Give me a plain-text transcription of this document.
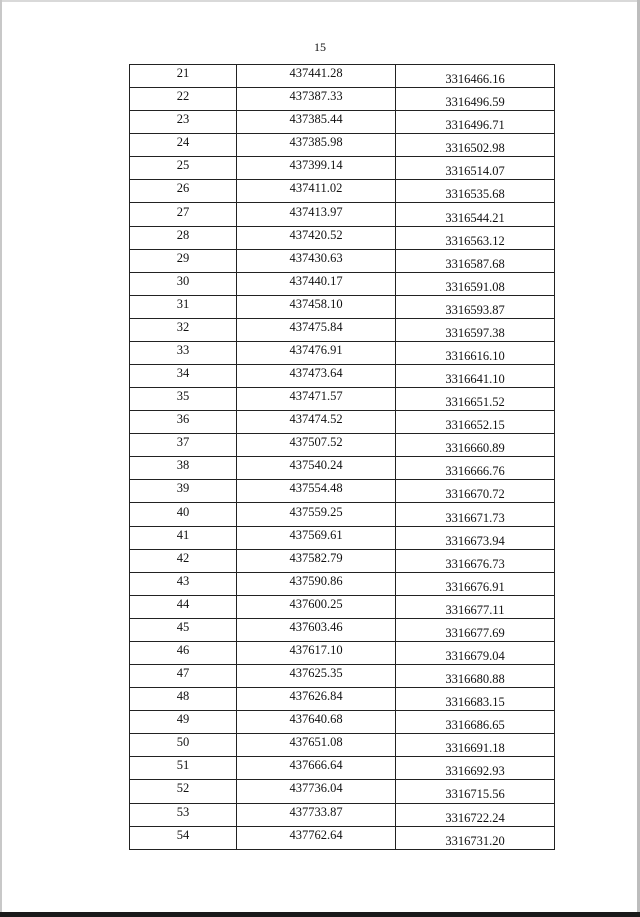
15
21	437441.28	3316466.16
22	437387.33	3316496.59
23	437385.44	3316496.71
24	437385.98	3316502.98
25	437399.14	3316514.07
26	437411.02	3316535.68
27	437413.97	3316544.21
28	437420.52	3316563.12
29	437430.63	3316587.68
30	437440.17	3316591.08
31	437458.10	3316593.87
32	437475.84	3316597.38
33	437476.91	3316616.10
34	437473.64	3316641.10
35	437471.57	3316651.52
36	437474.52	3316652.15
37	437507.52	3316660.89
38	437540.24	3316666.76
39	437554.48	3316670.72
40	437559.25	3316671.73
41	437569.61	3316673.94
42	437582.79	3316676.73
43	437590.86	3316676.91
44	437600.25	3316677.11
45	437603.46	3316677.69
46	437617.10	3316679.04
47	437625.35	3316680.88
48	437626.84	3316683.15
49	437640.68	3316686.65
50	437651.08	3316691.18
51	437666.64	3316692.93
52	437736.04	3316715.56
53	437733.87	3316722.24
54	437762.64	3316731.20
